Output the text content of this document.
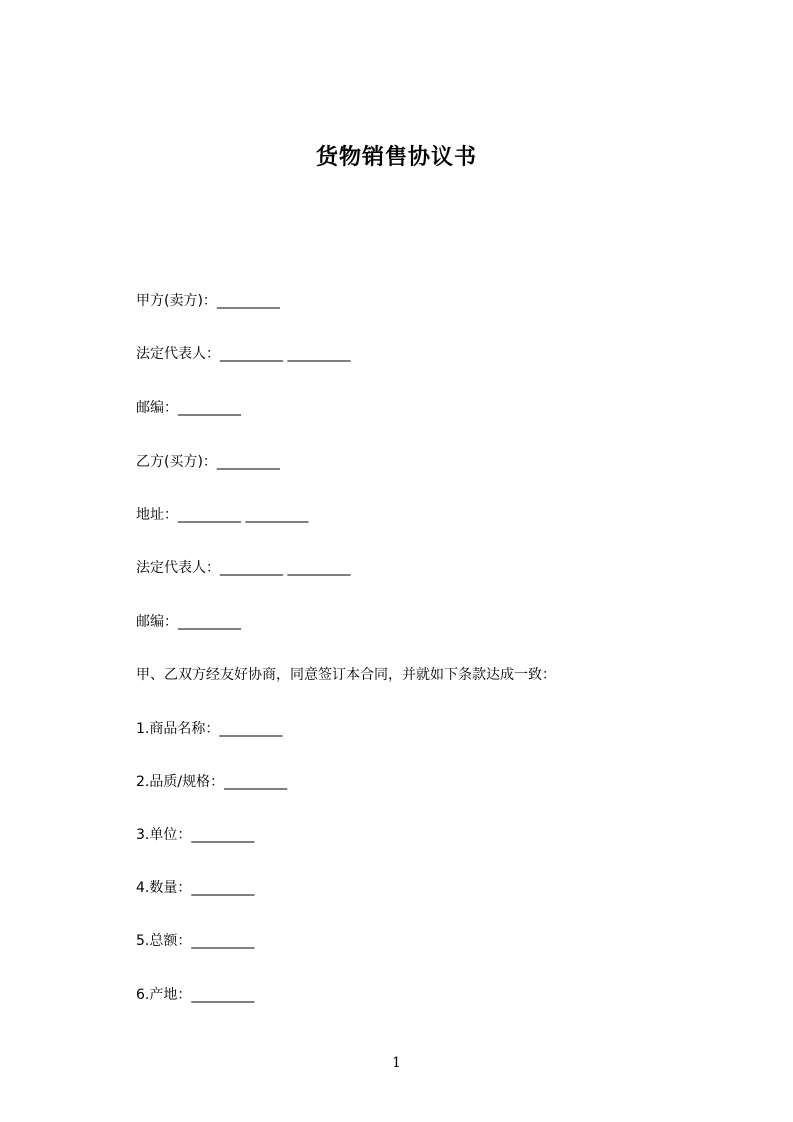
货物销售协议书
甲方(卖方)：_________
法定代表人：_________ _________
邮编：_________
乙方(买方)：_________
地址：_________ _________
法定代表人：_________ _________
邮编：_________
甲、乙双方经友好协商，同意签订本合同，并就如下条款达成一致：
1.商品名称：_________
2.品质/规格：_________
3.单位：_________
4.数量：_________
5.总额：_________
6.产地：_________
1
